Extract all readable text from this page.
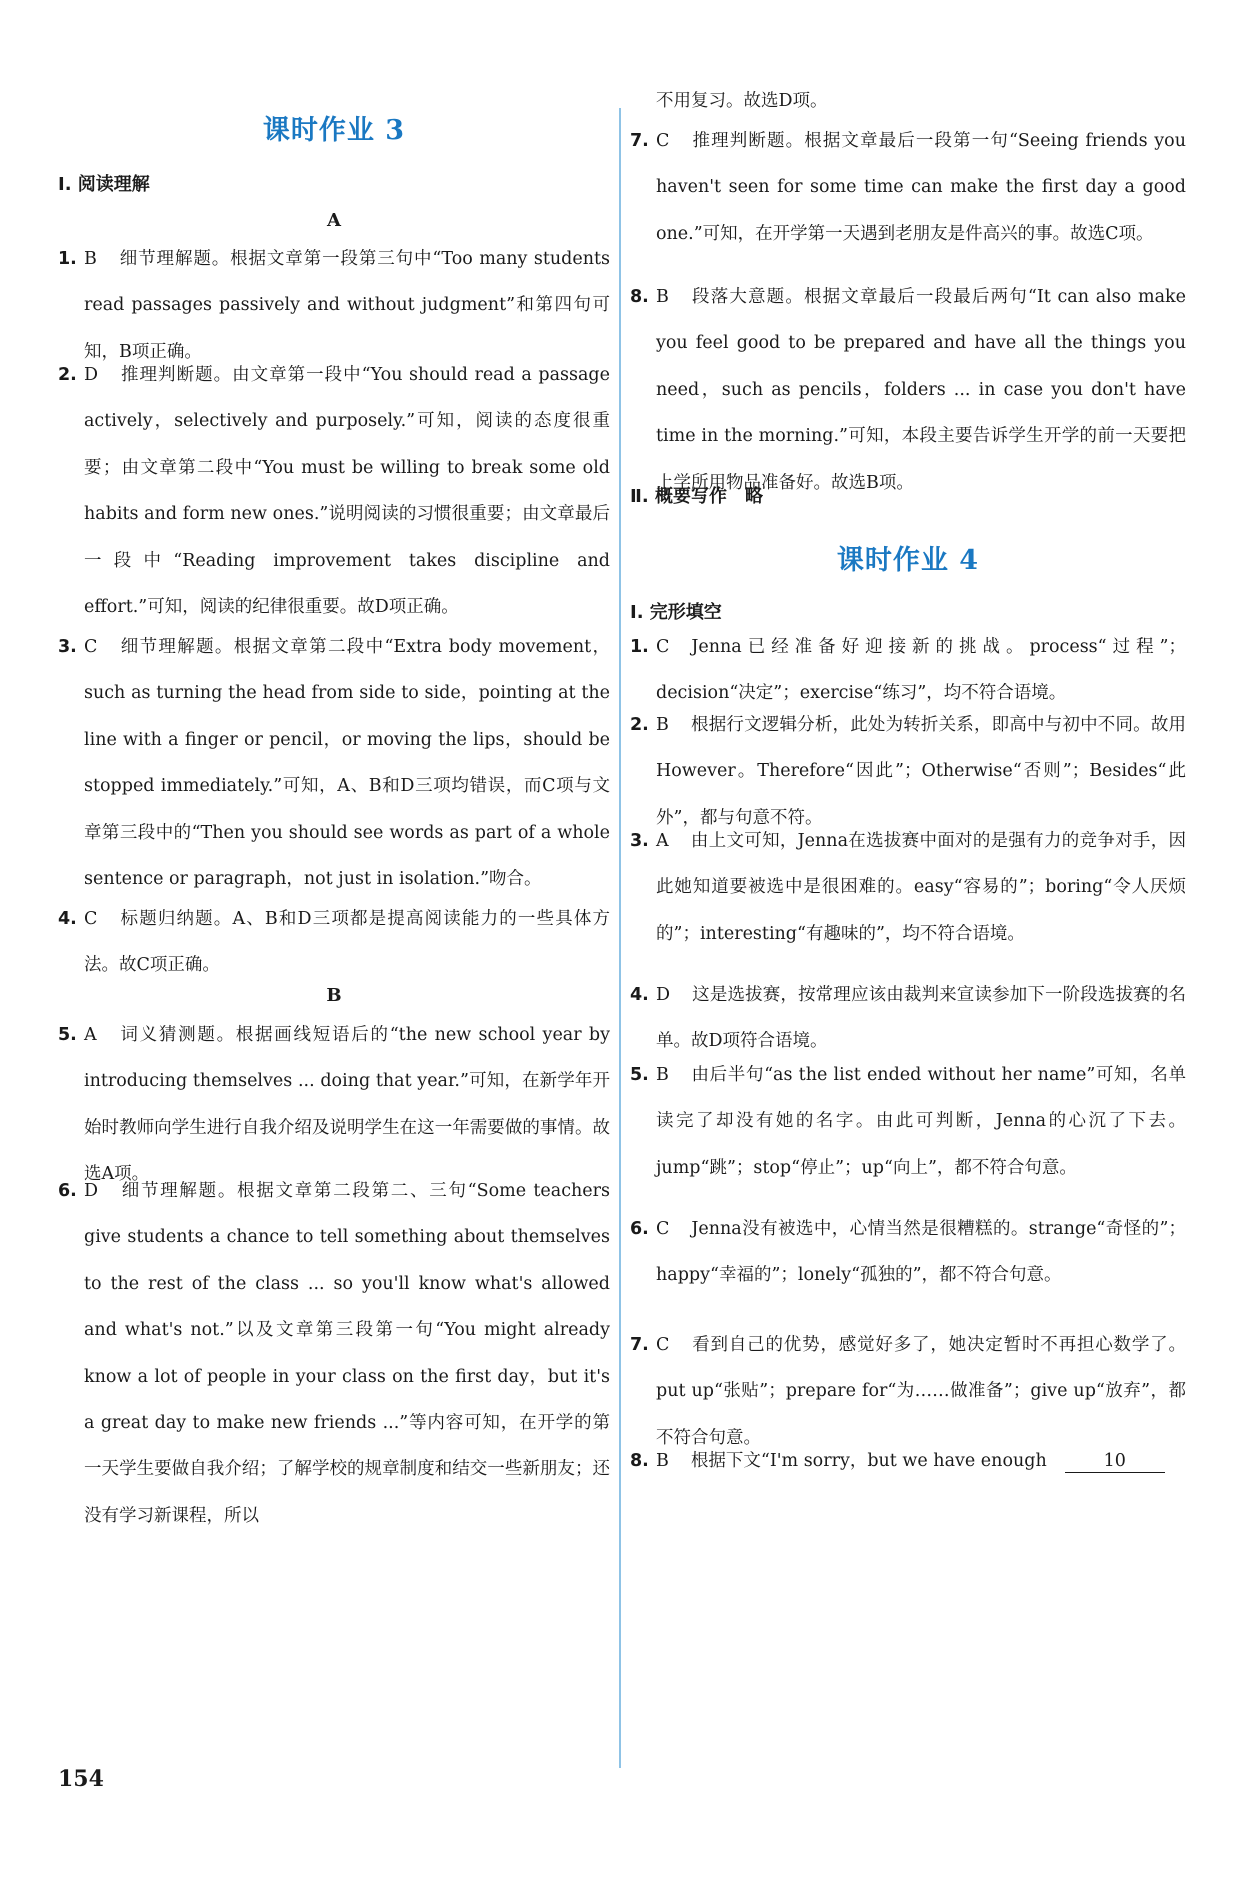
课时作业 3
Ⅰ. 阅读理解
A
1. B 细节理解题。根据文章第一段第三句中“Too many students read passages passively and without judgment”和第四句可知，B项正确。
2. D 推理判断题。由文章第一段中“You should read a passage actively，selectively and purposely.”可知，阅读的态度很重要；由文章第二段中“You must be willing to break some old habits and form new ones.”说明阅读的习惯很重要；由文章最后一段中“Reading improvement takes discipline and effort.”可知，阅读的纪律很重要。故D项正确。
3. C 细节理解题。根据文章第二段中“Extra body movement，such as turning the head from side to side，pointing at the line with a finger or pencil，or moving the lips，should be stopped immediately.”可知，A、B和D三项均错误，而C项与文章第三段中的“Then you should see words as part of a whole sentence or paragraph，not just in isolation.”吻合。
4. C 标题归纳题。A、B和D三项都是提高阅读能力的一些具体方法。故C项正确。
B
5. A 词义猜测题。根据画线短语后的“the new school year by introducing themselves ... doing that year.”可知，在新学年开始时教师向学生进行自我介绍及说明学生在这一年需要做的事情。故选A项。
6. D 细节理解题。根据文章第二段第二、三句“Some teachers give students a chance to tell something about themselves to the rest of the class ... so you'll know what's allowed and what's not.”以及文章第三段第一句“You might already know a lot of people in your class on the first day，but it's a great day to make new friends ...”等内容可知，在开学的第一天学生要做自我介绍；了解学校的规章制度和结交一些新朋友；还没有学习新课程，所以
不用复习。故选D项。
7. C 推理判断题。根据文章最后一段第一句“Seeing friends you haven't seen for some time can make the first day a good one.”可知，在开学第一天遇到老朋友是件高兴的事。故选C项。
8. B 段落大意题。根据文章最后一段最后两句“It can also make you feel good to be prepared and have all the things you need，such as pencils，folders ... in case you don't have time in the morning.”可知，本段主要告诉学生开学的前一天要把上学所用物品准备好。故选B项。
Ⅱ. 概要写作　略
课时作业 4
Ⅰ. 完形填空
1. C Jenna已经准备好迎接新的挑战。process“过程”；decision“决定”；exercise“练习”，均不符合语境。
2. B 根据行文逻辑分析，此处为转折关系，即高中与初中不同。故用However。Therefore“因此”；Otherwise“否则”；Besides“此外”，都与句意不符。
3. A 由上文可知，Jenna在选拔赛中面对的是强有力的竞争对手，因此她知道要被选中是很困难的。easy“容易的”；boring“令人厌烦的”；interesting“有趣味的”，均不符合语境。
4. D 这是选拔赛，按常理应该由裁判来宣读参加下一阶段选拔赛的名单。故D项符合语境。
5. B 由后半句“as the list ended without her name”可知，名单读完了却没有她的名字。由此可判断，Jenna的心沉了下去。jump“跳”；stop“停止”；up“向上”，都不符合句意。
6. C Jenna没有被选中，心情当然是很糟糕的。strange“奇怪的”；happy“幸福的”；lonely“孤独的”，都不符合句意。
7. C 看到自己的优势，感觉好多了，她决定暂时不再担心数学了。put up“张贴”；prepare for“为……做准备”；give up“放弃”，都不符合句意。
8. B 根据下文“I'm sorry，but we have enough	10
154
